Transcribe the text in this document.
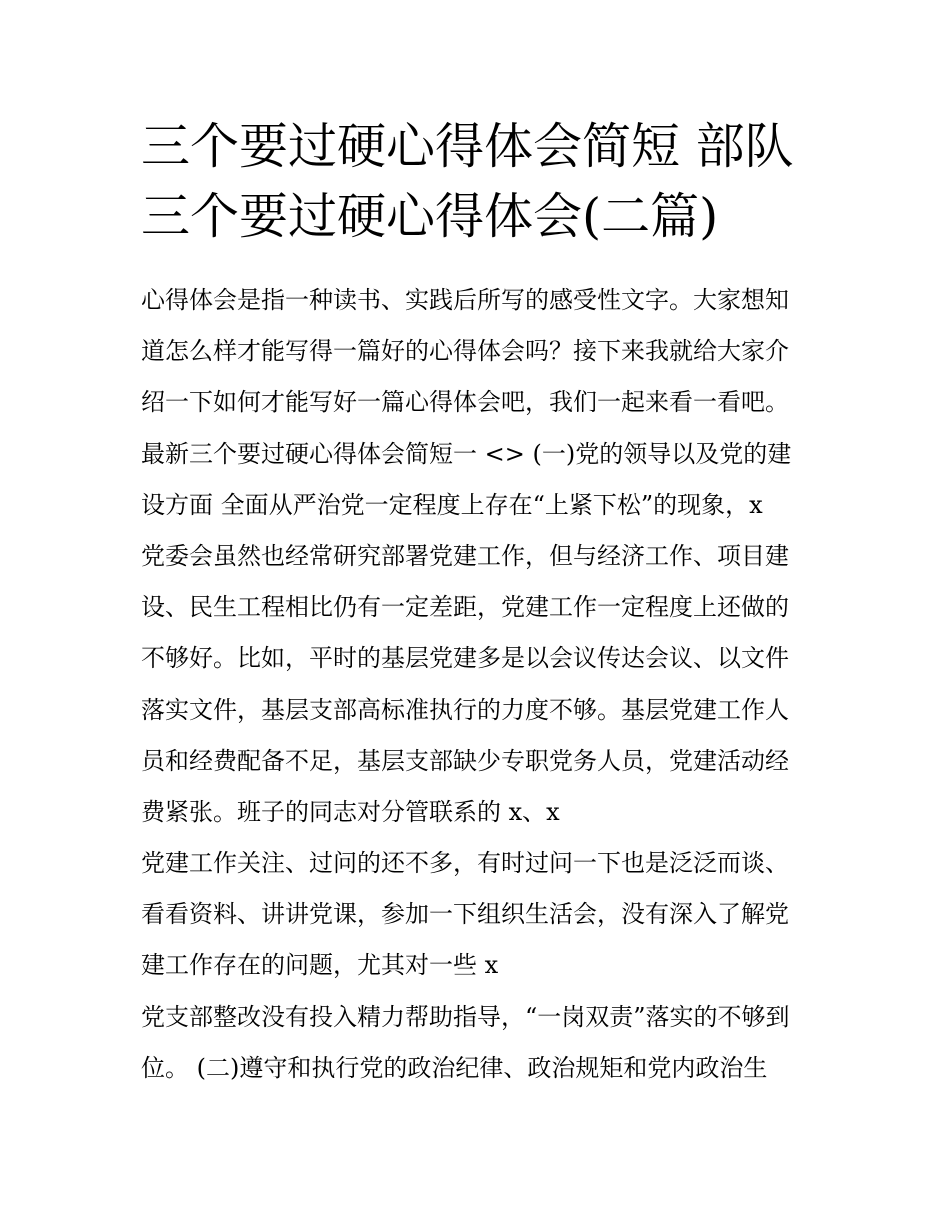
三个要过硬心得体会简短 部队
三个要过硬心得体会(二篇)
心得体会是指一种读书、实践后所写的感受性文字。大家想知
道怎么样才能写得一篇好的心得体会吗？接下来我就给大家介
绍一下如何才能写好一篇心得体会吧，我们一起来看一看吧。
最新三个要过硬心得体会简短一 <> (一)党的领导以及党的建
设方面 全面从严治党一定程度上存在“上紧下松”的现象，x
党委会虽然也经常研究部署党建工作，但与经济工作、项目建
设、民生工程相比仍有一定差距，党建工作一定程度上还做的
不够好。比如，平时的基层党建多是以会议传达会议、以文件
落实文件，基层支部高标准执行的力度不够。基层党建工作人
员和经费配备不足，基层支部缺少专职党务人员，党建活动经
费紧张。班子的同志对分管联系的 x、x
党建工作关注、过问的还不多，有时过问一下也是泛泛而谈、
看看资料、讲讲党课，参加一下组织生活会，没有深入了解党
建工作存在的问题，尤其对一些 x
党支部整改没有投入精力帮助指导，“一岗双责”落实的不够到
位。 (二)遵守和执行党的政治纪律、政治规矩和党内政治生
